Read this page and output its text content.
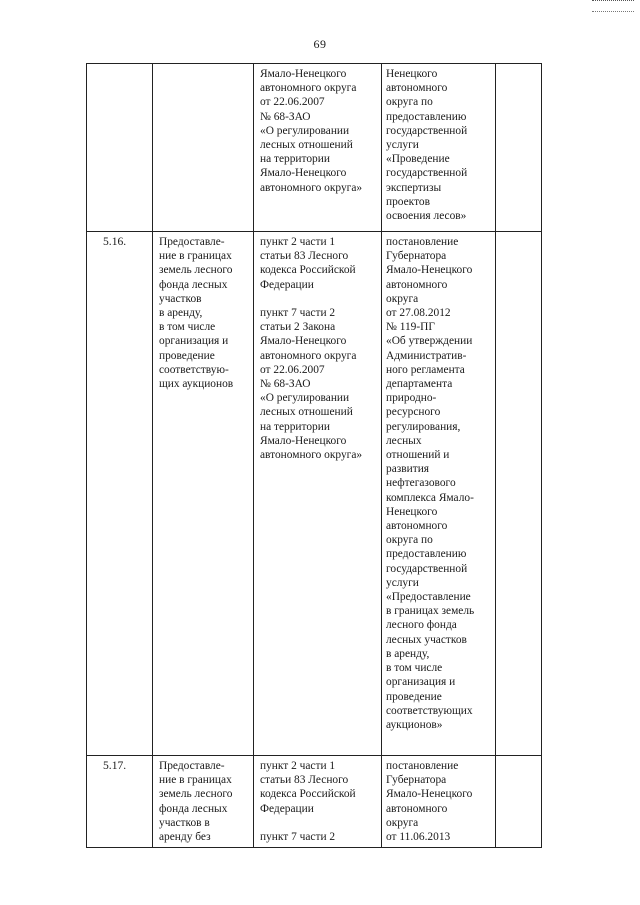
69

Ямало-Ненецкого
автономного округа
от 22.06.2007
№ 68-ЗАО
«О регулировании
лесных отношений
на территории
Ямало-Ненецкого
автономного округа»
Ненецкого
автономного
округа по
предоставлению
государственной
услуги
«Проведение
государственной
экспертизы
проектов
освоения лесов»
5.16.	Предоставле-
ние в границах
земель лесного
фонда лесных
участков
в аренду,
в том числе
организация и
проведение
соответствую-
щих аукционов
пункт 2 части 1
статьи 83 Лесного
кодекса Российской
Федерации

пункт 7 части 2
статьи 2 Закона
Ямало-Ненецкого
автономного округа
от 22.06.2007
№ 68-ЗАО
«О регулировании
лесных отношений
на территории
Ямало-Ненецкого
автономного округа»
постановление
Губернатора
Ямало-Ненецкого
автономного
округа
от 27.08.2012
№ 119-ПГ
«Об утверждении
Административ-
ного регламента
департамента
природно-
ресурсного
регулирования,
лесных
отношений и
развития
нефтегазового
комплекса Ямало-
Ненецкого
автономного
округа по
предоставлению
государственной
услуги
«Предоставление
в границах земель
лесного фонда
лесных участков
в аренду,
в том числе
организация и
проведение
соответствующих
аукционов»
5.17.	Предоставле-
ние в границах
земель лесного
фонда лесных
участков в
аренду без
пункт 2 части 1
статьи 83 Лесного
кодекса Российской
Федерации

пункт 7 части 2
постановление
Губернатора
Ямало-Ненецкого
автономного
округа
от 11.06.2013
